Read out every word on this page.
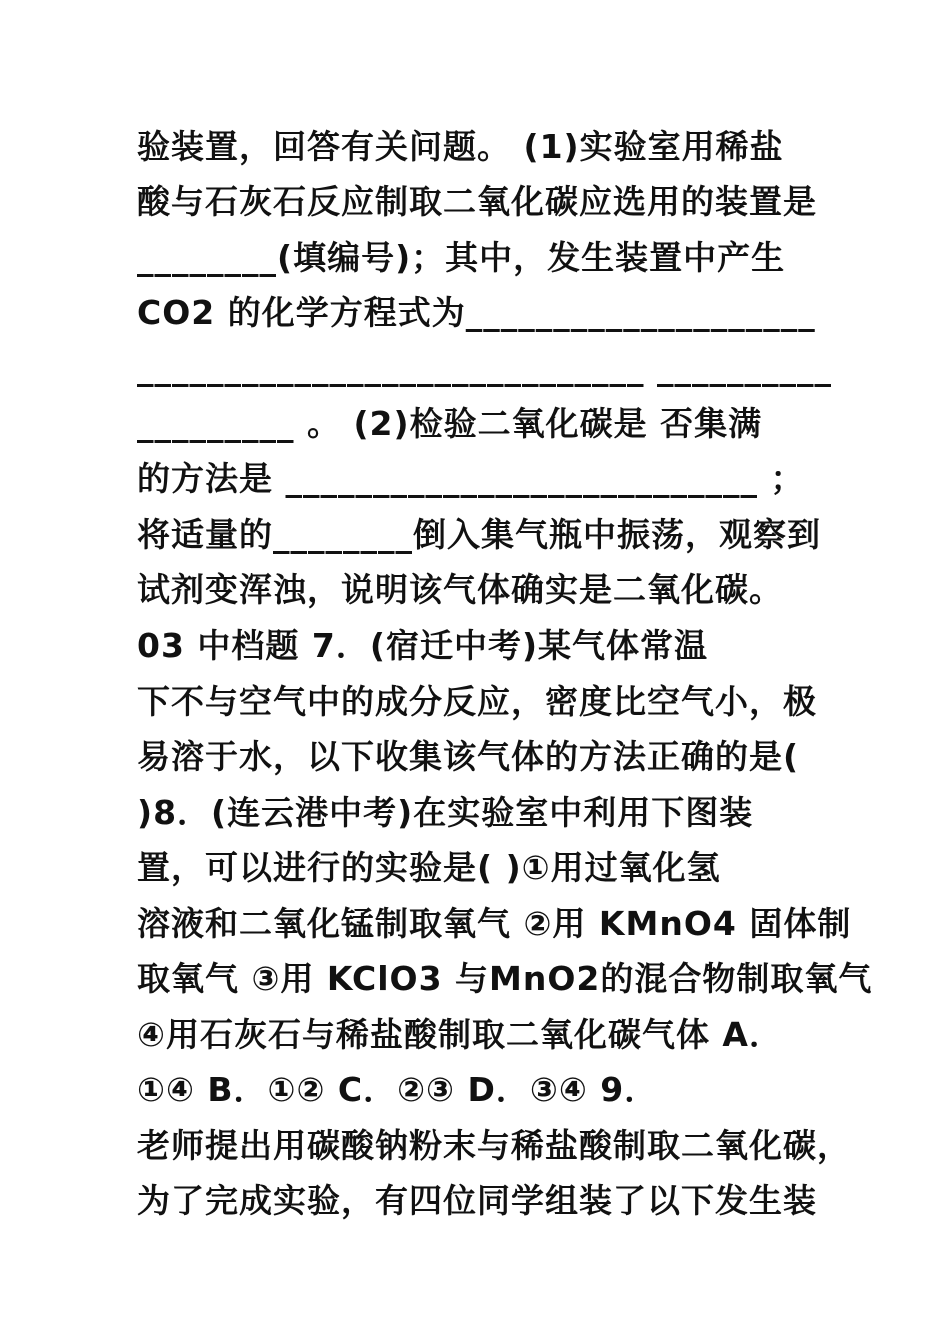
验装置，回答有关问题。 (1)实验室用稀盐
酸与石灰石反应制取二氧化碳应选用的装置是
________(填编号)；其中，发生装置中产生
CO2 的化学方程式为____________________
_____________________________ __________
_________ 。 (2)检验二氧化碳是 否集满
的方法是 ___________________________ ；
将适量的________倒入集气瓶中振荡，观察到
试剂变浑浊，说明该气体确实是二氧化碳。
03 中档题 7．(宿迁中考)某气体常温
下不与空气中的成分反应，密度比空气小，极
易溶于水，以下收集该气体的方法正确的是(
)8．(连云港中考)在实验室中利用下图装
置，可以进行的实验是( )①用过氧化氢
溶液和二氧化锰制取氧气 ②用 KMnO4 固体制
取氧气 ③用 KClO3 与MnO2的混合物制取氧气
④用石灰石与稀盐酸制取二氧化碳气体 A．
①④ B．①② C．②③ D．③④ 9．
老师提出用碳酸钠粉末与稀盐酸制取二氧化碳，
为了完成实验，有四位同学组装了以下发生装
